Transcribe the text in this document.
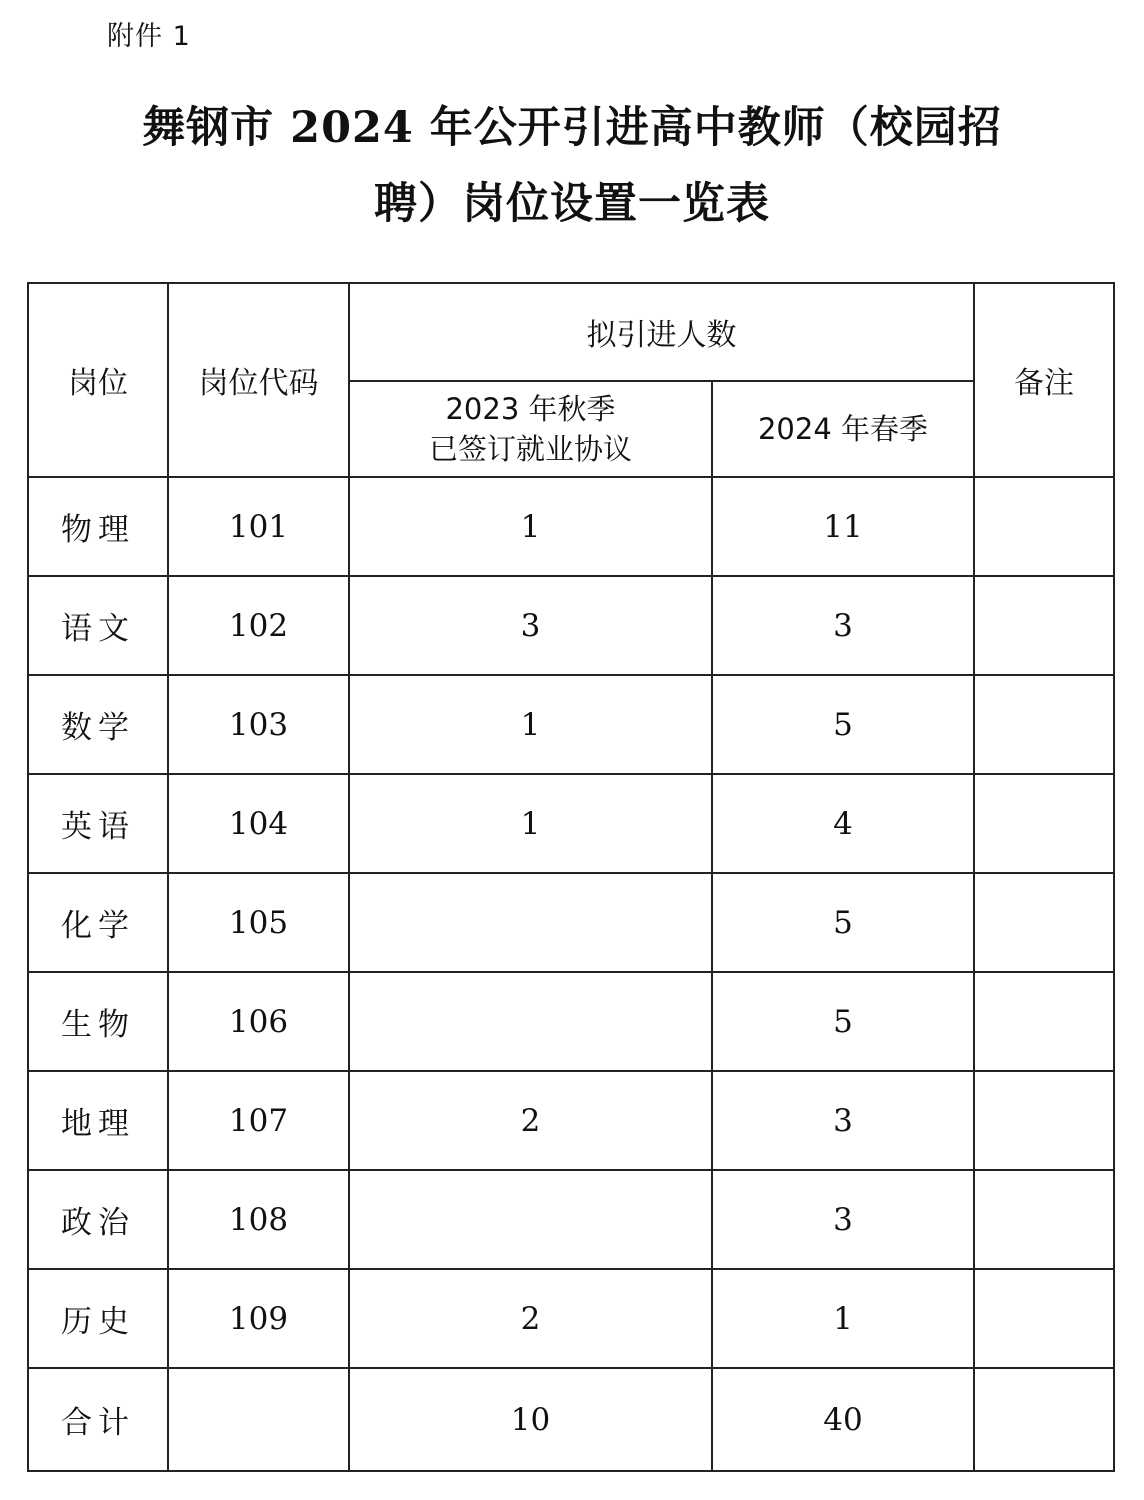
附件 1
舞钢市 2024 年公开引进高中教师（校园招
聘）岗位设置一览表
岗位	岗位代码	拟引进人数		备注

		2023 年秋季
已签订就业协议	2024 年春季	
物理	101	1	11	
语文	102	3	3	
数学	103	1	5	
英语	104	1	4	
化学	105		5	
生物	106		5	
地理	107	2	3	
政治	108		3	
历史	109	2	1	
合计		10	40	
